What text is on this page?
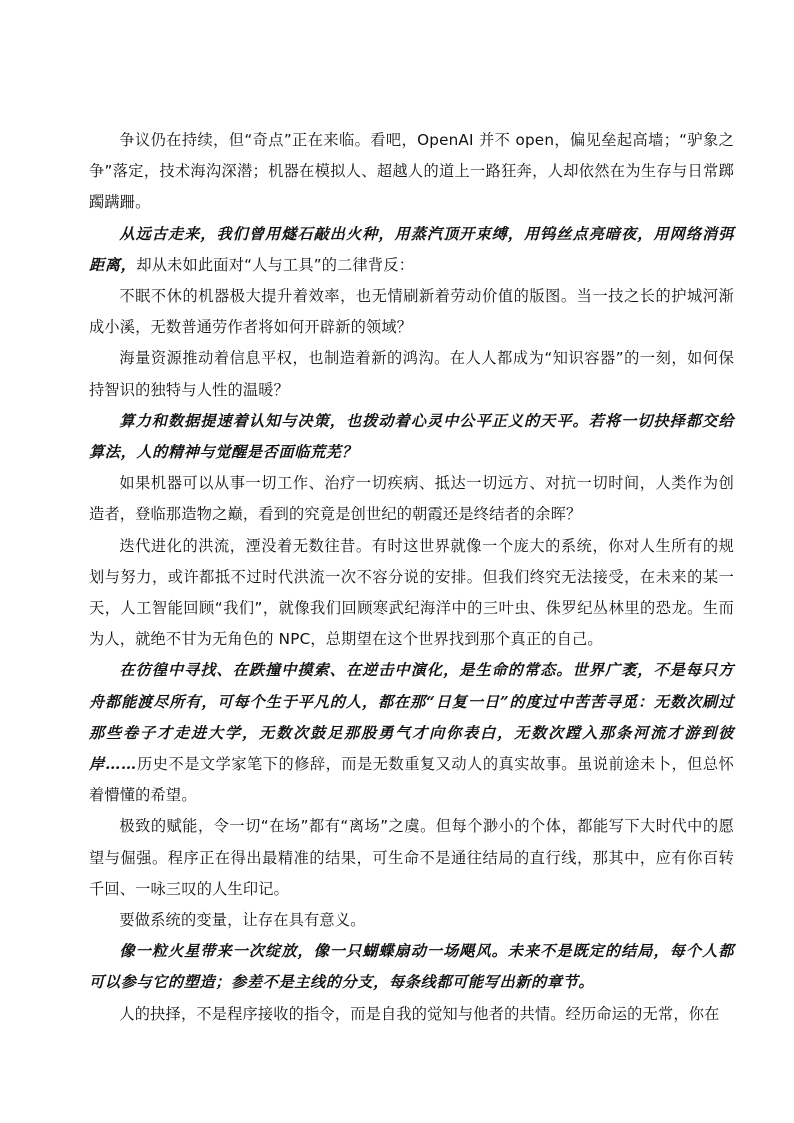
争议仍在持续，但“奇点”正在来临。看吧，OpenAI 并不 open，偏见垒起高墙；“驴象之争”落定，技术海沟深潜；机器在模拟人、超越人的道上一路狂奔，人却依然在为生存与日常踯躅蹒跚。

从远古走来，我们曾用燧石敲出火种，用蒸汽顶开束缚，用钨丝点亮暗夜，用网络消弭距离，却从未如此面对“人与工具”的二律背反：

不眠不休的机器极大提升着效率，也无情刷新着劳动价值的版图。当一技之长的护城河渐成小溪，无数普通劳作者将如何开辟新的领域？

海量资源推动着信息平权，也制造着新的鸿沟。在人人都成为“知识容器”的一刻，如何保持智识的独特与人性的温暖？

算力和数据提速着认知与决策，也拨动着心灵中公平正义的天平。若将一切抉择都交给算法，人的精神与觉醒是否面临荒芜？

如果机器可以从事一切工作、治疗一切疾病、抵达一切远方、对抗一切时间，人类作为创造者，登临那造物之巅，看到的究竟是创世纪的朝霞还是终结者的余晖？

迭代进化的洪流，湮没着无数往昔。有时这世界就像一个庞大的系统，你对人生所有的规划与努力，或许都抵不过时代洪流一次不容分说的安排。但我们终究无法接受，在未来的某一天，人工智能回顾“我们”，就像我们回顾寒武纪海洋中的三叶虫、侏罗纪丛林里的恐龙。生而为人，就绝不甘为无角色的 NPC，总期望在这个世界找到那个真正的自己。

在彷徨中寻找、在跌撞中摸索、在逆击中演化，是生命的常态。世界广袤，不是每只方舟都能渡尽所有，可每个生于平凡的人，都在那“日复一日”的度过中苦苦寻觅：无数次刷过那些卷子才走进大学，无数次鼓足那股勇气才向你表白，无数次蹚入那条河流才游到彼岸……历史不是文学家笔下的修辞，而是无数重复又动人的真实故事。虽说前途未卜，但总怀着懵懂的希望。

极致的赋能，令一切“在场”都有“离场”之虞。但每个渺小的个体，都能写下大时代中的愿望与倔强。程序正在得出最精准的结果，可生命不是通往结局的直行线，那其中，应有你百转千回、一咏三叹的人生印记。

要做系统的变量，让存在具有意义。

像一粒火星带来一次绽放，像一只蝴蝶扇动一场飓风。未来不是既定的结局，每个人都可以参与它的塑造；参差不是主线的分支，每条线都可能写出新的章节。

人的抉择，不是程序接收的指令，而是自我的觉知与他者的共情。经历命运的无常，你在
